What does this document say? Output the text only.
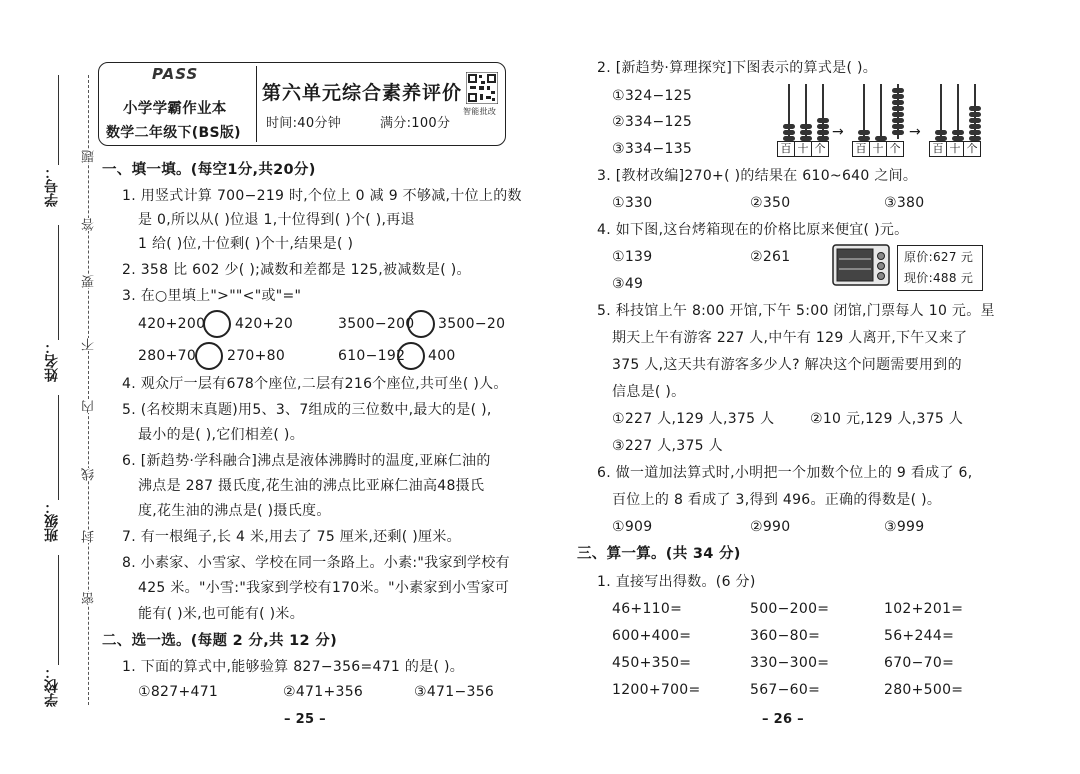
学号：
姓名：
班级：
学校：
题
答
要
不
内
线
封
密
PASS
小学学霸作业本
数学二年级下(BS版)
第六单元综合素养评价
时间:40分钟	满分:100分
智能批改
一、填一填。(每空1分,共20分)
1. 用竖式计算 700−219 时,个位上 0 减 9 不够减,十位上的数
是 0,所以从( )位退 1,十位得到( )个( ),再退
1 给( )位,十位剩( )个十,结果是( )
2. 358 比 602 少( );减数和差都是 125,被减数是( )。
3. 在○里填上">""<"或"="
420+200 420+20	3500−200 3500−20
280+70 270+80	610−192 400
4. 观众厅一层有678个座位,二层有216个座位,共可坐( )人。
5. (名校期末真题)用5、3、7组成的三位数中,最大的是( ),
最小的是( ),它们相差( )。
6. [新趋势·学科融合]沸点是液体沸腾时的温度,亚麻仁油的
沸点是 287 摄氏度,花生油的沸点比亚麻仁油高48摄氏
度,花生油的沸点是( )摄氏度。
7. 有一根绳子,长 4 米,用去了 75 厘米,还剩( )厘米。
8. 小素家、小雪家、学校在同一条路上。小素:"我家到学校有
425 米。"小雪:"我家到学校有170米。"小素家到小雪家可
能有( )米,也可能有( )米。
二、选一选。(每题 2 分,共 12 分)
1. 下面的算式中,能够验算 827−356=471 的是( )。
①827+471	②471+356	③471−356
– 25 –
2. [新趋势·算理探究]下图表示的算式是( )。
①324−125
②334−125
③334−135	百 十 个
→
百 十 个
→
百 十 个
3. [教材改编]270+( )的结果在 610~640 之间。
①330	②350	③380
4. 如下图,这台烤箱现在的价格比原来便宜( )元。
①139	②261
③49
原价:627 元
现价:488 元
5. 科技馆上午 8:00 开馆,下午 5:00 闭馆,门票每人 10 元。星
期天上午有游客 227 人,中午有 129 人离开,下午又来了
375 人,这天共有游客多少人? 解决这个问题需要用到的
信息是( )。
①227 人,129 人,375 人	②10 元,129 人,375 人
③227 人,375 人
6. 做一道加法算式时,小明把一个加数个位上的 9 看成了 6,
百位上的 8 看成了 3,得到 496。正确的得数是( )。
①909	②990	③999
三、算一算。(共 34 分)
1. 直接写出得数。(6 分)
46+110=	500−200=	102+201=
600+400=	360−80=	56+244=
450+350=	330−300=	670−70=
1200+700=	567−60=	280+500=
– 26 –
